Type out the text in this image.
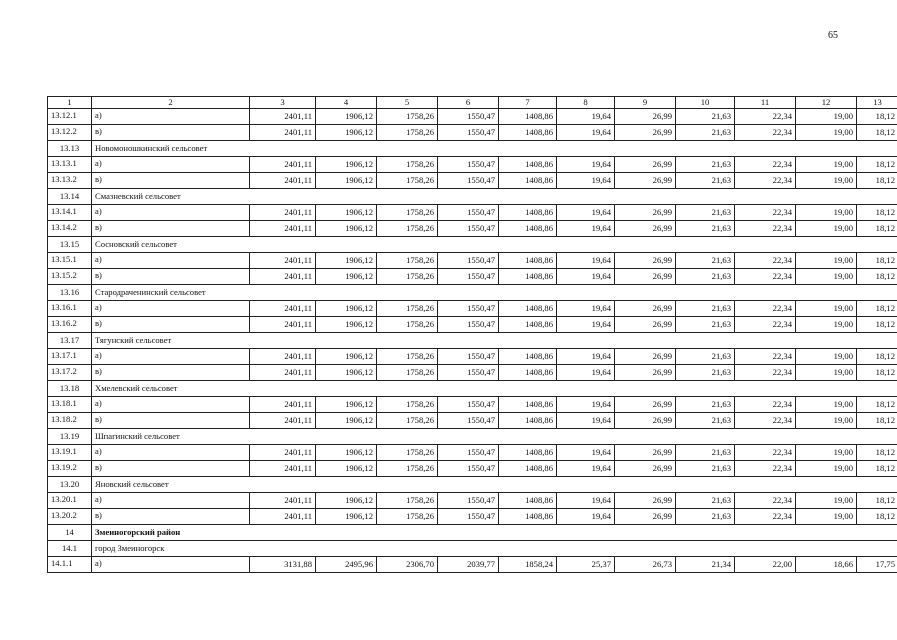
65
1	2	3	4	5	6	7	8	9	10	11	12	13
13.12.1	а)	2401,11	1906,12	1758,26	1550,47	1408,86	19,64	26,99	21,63	22,34	19,00	18,12
13.12.2	в)	2401,11	1906,12	1758,26	1550,47	1408,86	19,64	26,99	21,63	22,34	19,00	18,12
13.13	Новомоношкинский сельсовет											
13.13.1	а)	2401,11	1906,12	1758,26	1550,47	1408,86	19,64	26,99	21,63	22,34	19,00	18,12
13.13.2	в)	2401,11	1906,12	1758,26	1550,47	1408,86	19,64	26,99	21,63	22,34	19,00	18,12
13.14	Смазневский сельсовет											
13.14.1	а)	2401,11	1906,12	1758,26	1550,47	1408,86	19,64	26,99	21,63	22,34	19,00	18,12
13.14.2	в)	2401,11	1906,12	1758,26	1550,47	1408,86	19,64	26,99	21,63	22,34	19,00	18,12
13.15	Сосновский сельсовет											
13.15.1	а)	2401,11	1906,12	1758,26	1550,47	1408,86	19,64	26,99	21,63	22,34	19,00	18,12
13.15.2	в)	2401,11	1906,12	1758,26	1550,47	1408,86	19,64	26,99	21,63	22,34	19,00	18,12
13.16	Стародраченинский сельсовет											
13.16.1	а)	2401,11	1906,12	1758,26	1550,47	1408,86	19,64	26,99	21,63	22,34	19,00	18,12
13.16.2	в)	2401,11	1906,12	1758,26	1550,47	1408,86	19,64	26,99	21,63	22,34	19,00	18,12
13.17	Тягунский сельсовет											
13.17.1	а)	2401,11	1906,12	1758,26	1550,47	1408,86	19,64	26,99	21,63	22,34	19,00	18,12
13.17.2	в)	2401,11	1906,12	1758,26	1550,47	1408,86	19,64	26,99	21,63	22,34	19,00	18,12
13.18	Хмелевский сельсовет											
13.18.1	а)	2401,11	1906,12	1758,26	1550,47	1408,86	19,64	26,99	21,63	22,34	19,00	18,12
13.18.2	в)	2401,11	1906,12	1758,26	1550,47	1408,86	19,64	26,99	21,63	22,34	19,00	18,12
13.19	Шпагинский сельсовет											
13.19.1	а)	2401,11	1906,12	1758,26	1550,47	1408,86	19,64	26,99	21,63	22,34	19,00	18,12
13.19.2	в)	2401,11	1906,12	1758,26	1550,47	1408,86	19,64	26,99	21,63	22,34	19,00	18,12
13.20	Яновский сельсовет											
13.20.1	а)	2401,11	1906,12	1758,26	1550,47	1408,86	19,64	26,99	21,63	22,34	19,00	18,12
13.20.2	в)	2401,11	1906,12	1758,26	1550,47	1408,86	19,64	26,99	21,63	22,34	19,00	18,12
14	Змеиногорский район											
14.1	город Змеиногорск											
14.1.1	а)	3131,88	2495,96	2306,70	2039,77	1858,24	25,37	26,73	21,34	22,00	18,66	17,75
